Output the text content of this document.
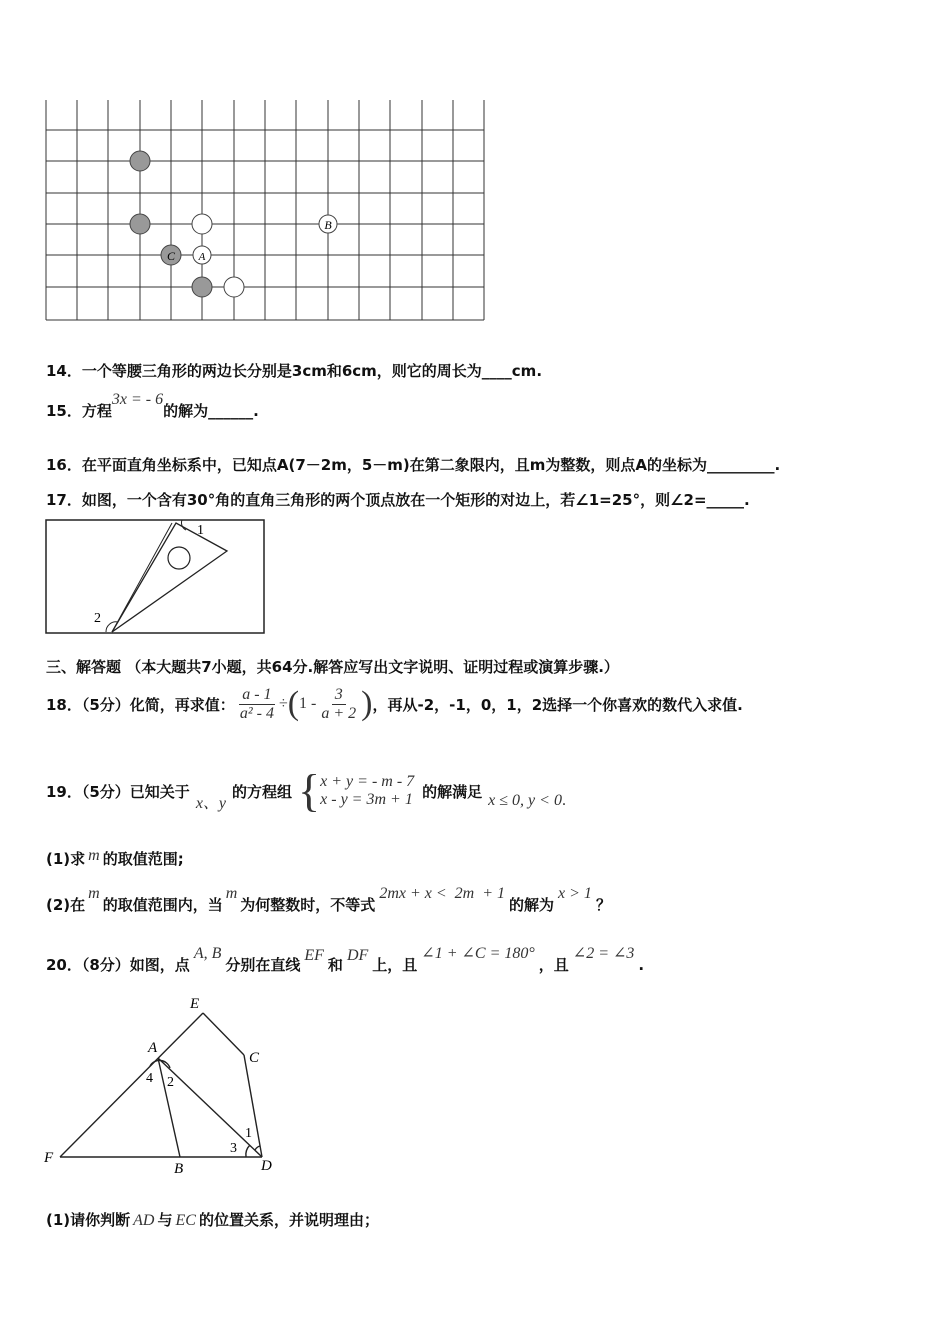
B
C A
14．一个等腰三角形的两边长分别是3cm和6cm，则它的周长为____cm.
15．方程3x = - 6的解为______.
16．在平面直角坐标系中，已知点A(7－2m，5－m)在第二象限内，且m为整数，则点A的坐标为_________.
17．如图，一个含有30°角的直角三角形的两个顶点放在一个矩形的对边上，若∠1=25°，则∠2=_____.
1
2
三、解答题 （本大题共7小题，共64分.解答应写出文字说明、证明过程或演算步骤.）
18．（5分）化简，再求值： $\frac{a - 1}{\text{a² - 4}}$ ÷ ( $1 - \frac{3}{a + 2}$ ) ，再从-2，-1，0，1，2选择一个你喜欢的数代入求值.
19．（5分）已知关于
x、y
的方程组 { x + y = - m - 7
x - y = 3m + 1 的解满足 x ≤ 0, y < 0 .
(1)求 m 的取值范围;
(2)在m的取值范围内，当m为何整数时，不等式2mx + x <  2m  + 1的解为x > 1？
20．（8分）如图，点A, B分别在直线EF和DF上，且∠1 + ∠C = 180°，且∠2 = ∠3.
E
C
A
F
B	D
4 2
3
1
(1)请你判断 AD 与 EC 的位置关系，并说明理由；
